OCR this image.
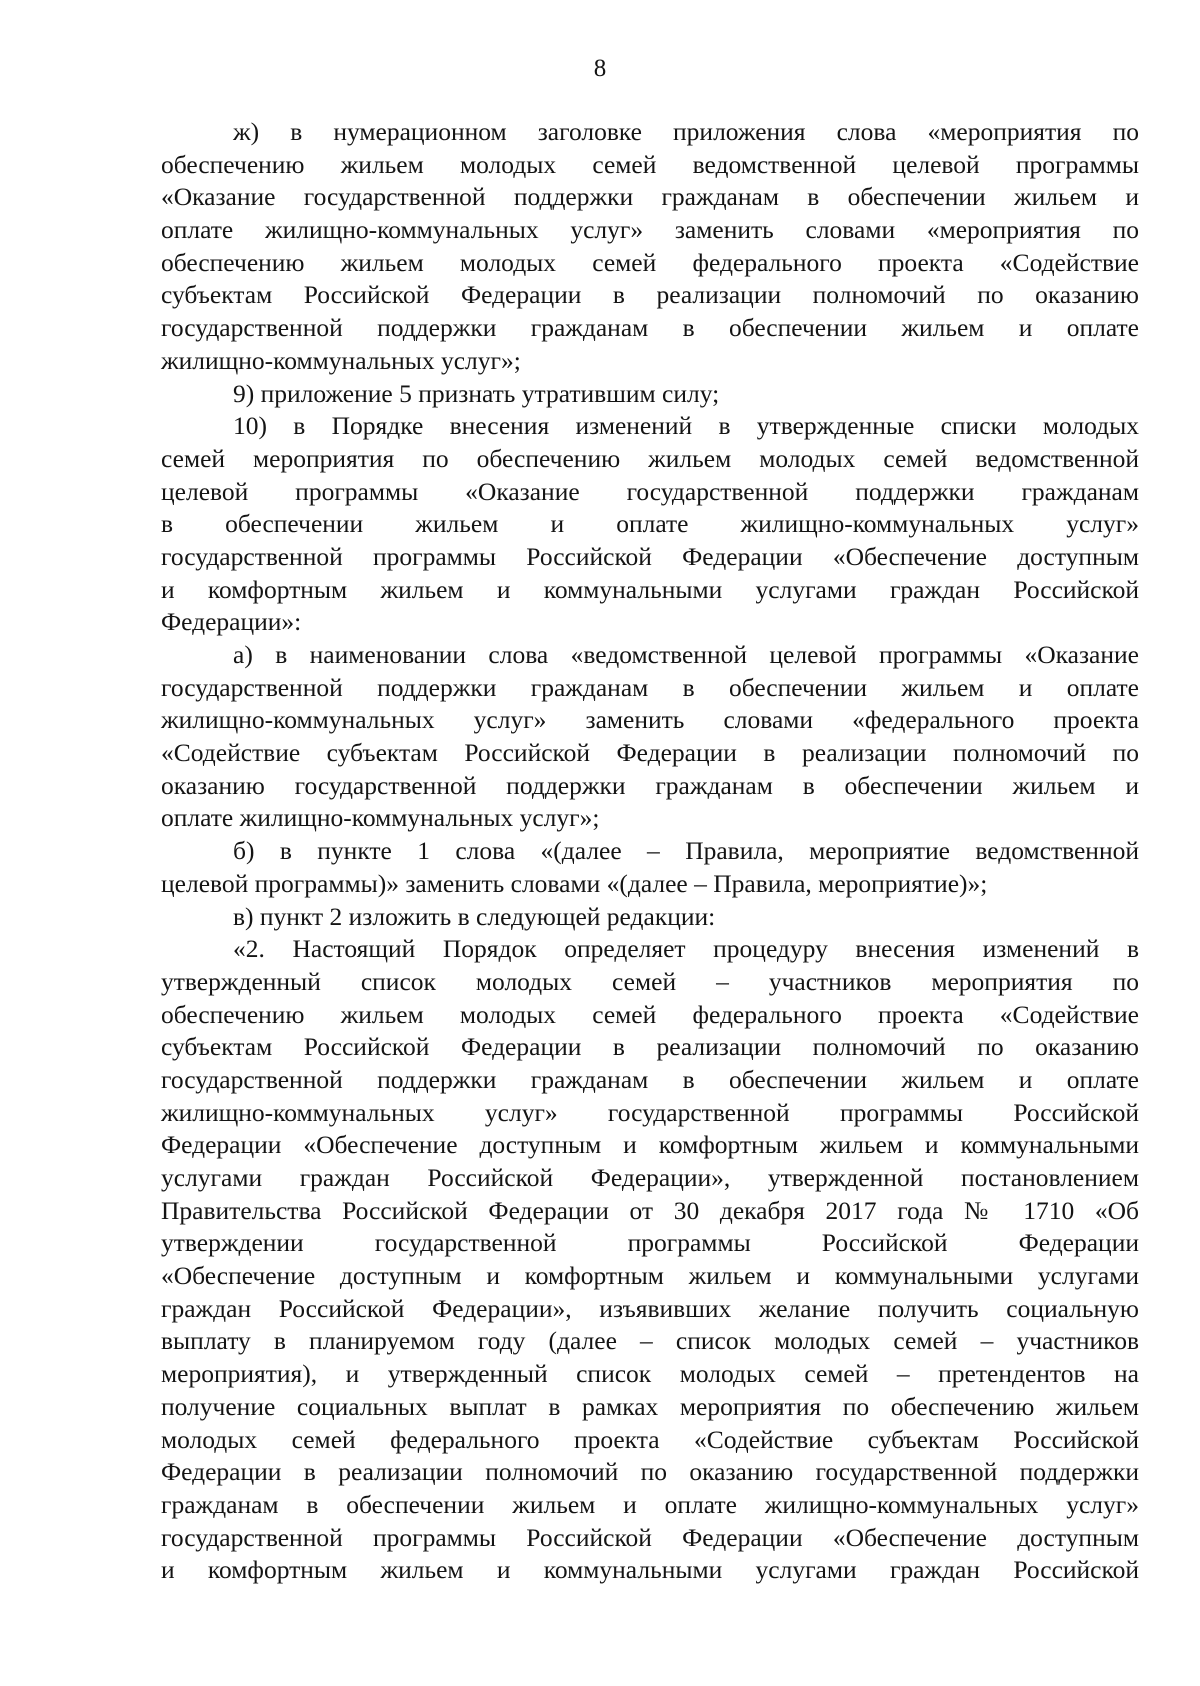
8
ж) в нумерационном заголовке приложения слова «мероприятия по
обеспечению жильем молодых семей ведомственной целевой программы
«Оказание государственной поддержки гражданам в обеспечении жильем и
оплате жилищно-коммунальных услуг» заменить словами «мероприятия по
обеспечению жильем молодых семей федерального проекта «Содействие
субъектам Российской Федерации в реализации полномочий по оказанию
государственной поддержки гражданам в обеспечении жильем и оплате
жилищно-коммунальных услуг»;
9) приложение 5 признать утратившим силу;
10) в Порядке внесения изменений в утвержденные списки молодых
семей мероприятия по обеспечению жильем молодых семей ведомственной
целевой программы «Оказание государственной поддержки гражданам
в обеспечении жильем и оплате жилищно-коммунальных услуг»
государственной программы Российской Федерации «Обеспечение доступным
и комфортным жильем и коммунальными услугами граждан Российской
Федерации»:
а) в наименовании слова «ведомственной целевой программы «Оказание
государственной поддержки гражданам в обеспечении жильем и оплате
жилищно-коммунальных услуг» заменить словами «федерального проекта
«Содействие субъектам Российской Федерации в реализации полномочий по
оказанию государственной поддержки гражданам в обеспечении жильем и
оплате жилищно-коммунальных услуг»;
б) в пункте 1 слова «(далее – Правила, мероприятие ведомственной
целевой программы)» заменить словами «(далее – Правила, мероприятие)»;
в) пункт 2 изложить в следующей редакции:
«2. Настоящий Порядок определяет процедуру внесения изменений в
утвержденный список молодых семей – участников мероприятия по
обеспечению жильем молодых семей федерального проекта «Содействие
субъектам Российской Федерации в реализации полномочий по оказанию
государственной поддержки гражданам в обеспечении жильем и оплате
жилищно-коммунальных услуг» государственной программы Российской
Федерации «Обеспечение доступным и комфортным жильем и коммунальными
услугами граждан Российской Федерации», утвержденной постановлением
Правительства Российской Федерации от 30 декабря 2017 года № 1710 «Об
утверждении государственной программы Российской Федерации
«Обеспечение доступным и комфортным жильем и коммунальными услугами
граждан Российской Федерации», изъявивших желание получить социальную
выплату в планируемом году (далее – список молодых семей – участников
мероприятия), и утвержденный список молодых семей – претендентов на
получение социальных выплат в рамках мероприятия по обеспечению жильем
молодых семей федерального проекта «Содействие субъектам Российской
Федерации в реализации полномочий по оказанию государственной поддержки
гражданам в обеспечении жильем и оплате жилищно-коммунальных услуг»
государственной программы Российской Федерации «Обеспечение доступным
и комфортным жильем и коммунальными услугами граждан Российской
